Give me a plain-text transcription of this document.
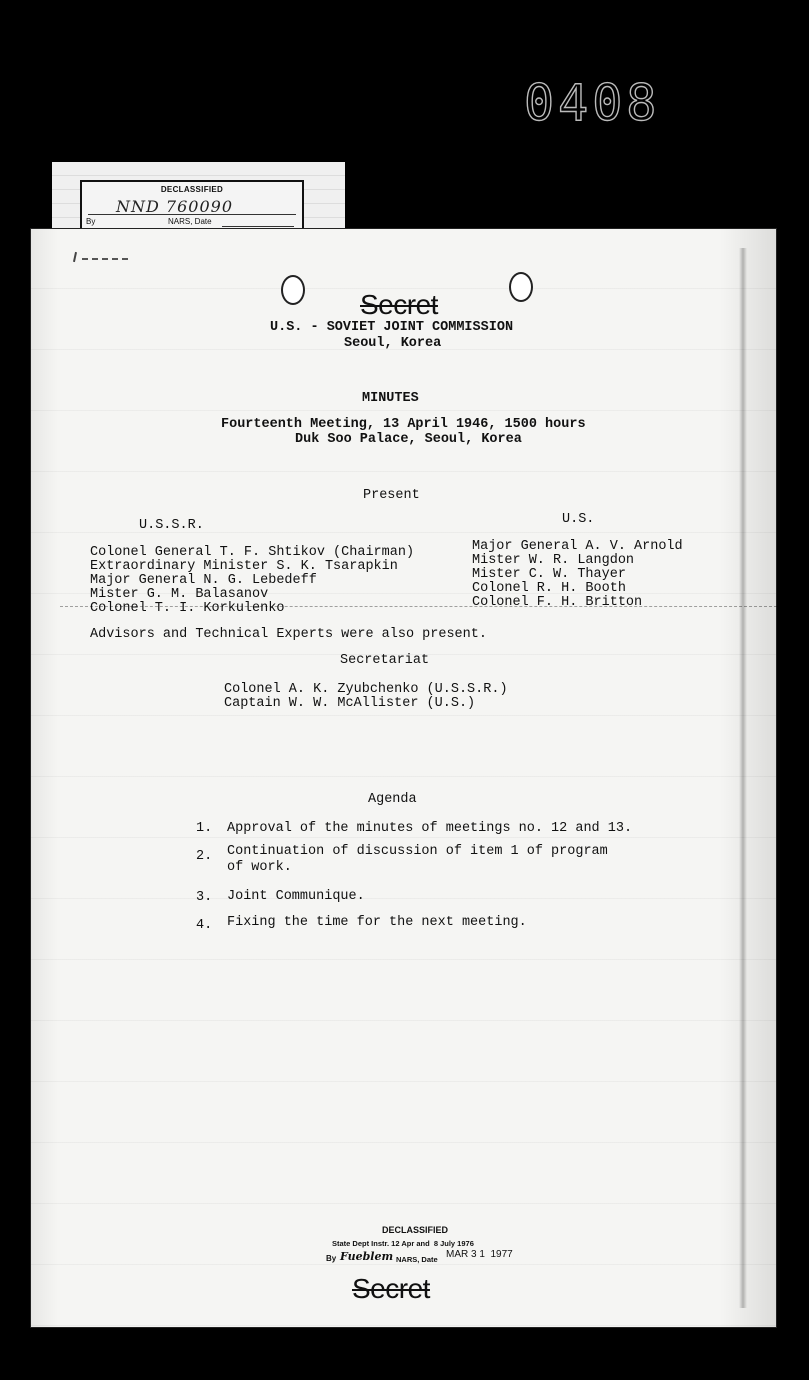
0408
DECLASSIFIED
NND 760090
By	NARS, Date
Secret
U.S. - SOVIET JOINT COMMISSION
Seoul, Korea
MINUTES
Fourteenth Meeting, 13 April 1946, 1500 hours
Duk Soo Palace, Seoul, Korea
Present
U.S.S.R.	U.S.
Colonel General T. F. Shtikov (Chairman)
Extraordinary Minister S. K. Tsarapkin
Major General N. G. Lebedeff
Mister G. M. Balasanov
Colonel T. I. Korkulenko
Major General A. V. Arnold
Mister W. R. Langdon
Mister C. W. Thayer
Colonel R. H. Booth
Colonel F. H. Britton
Advisors and Technical Experts were also present.
Secretariat
Colonel A. K. Zyubchenko (U.S.S.R.)
Captain W. W. McAllister (U.S.)
Agenda
1. Approval of the minutes of meetings no. 12 and 13.
2. Continuation of discussion of item 1 of program
of work.
3. Joint Communique.
4. Fixing the time for the next meeting.
DECLASSIFIED
State Dept Instr. 12 Apr and  8 July 1976
By Fueblem NARS, Date MAR 3 1  1977
Secret
